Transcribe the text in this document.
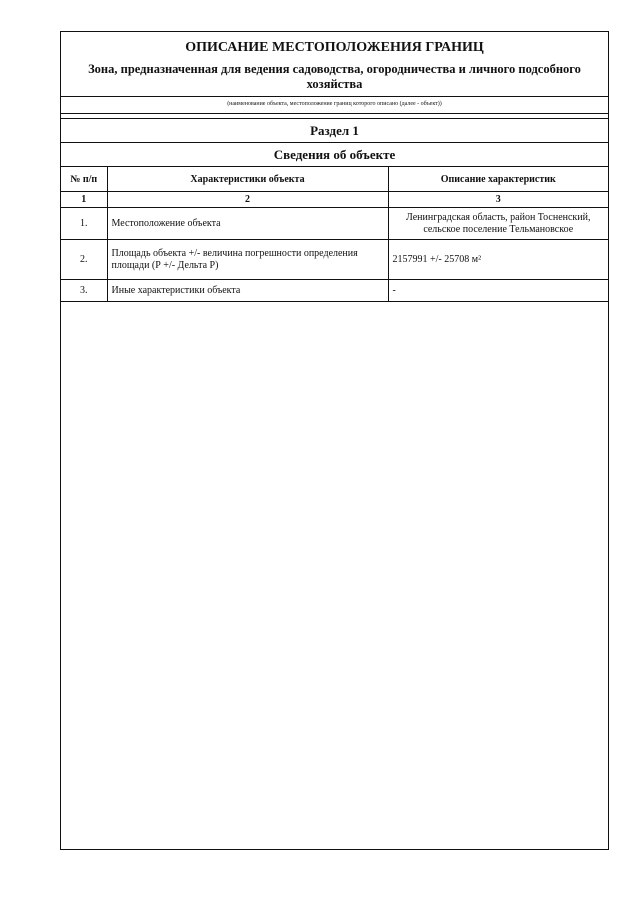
ОПИСАНИЕ МЕСТОПОЛОЖЕНИЯ ГРАНИЦ
Зона, предназначенная для ведения садоводства, огородничества и личного подсобного хозяйства
(наименование объекта, местоположение границ которого описано (далее - объект))
Раздел 1
Сведения об объекте
№ п/п	Характеристики объекта	Описание характеристик
1	2	3
1.	Местоположение объекта	Ленинградская область, район Тосненский, сельское поселение Тельмановское
2.	Площадь объекта +/- величина погрешности определения площади (Р +/- Дельта Р)	2157991 +/- 25708 м²
3.	Иные характеристики объекта	-
